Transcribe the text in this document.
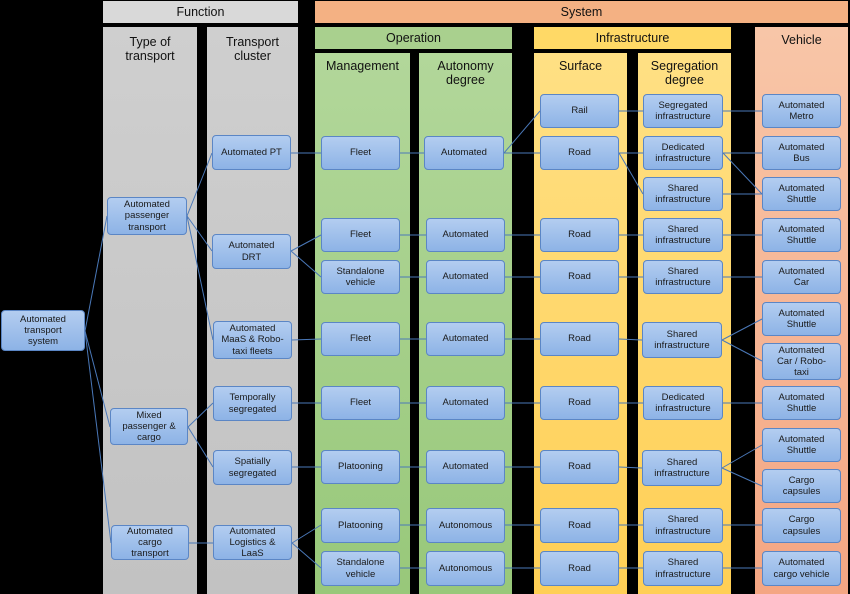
Function	System
Operation	Infrastructure
Type of
transport
Transport
cluster
Management	Autonomy
degree
Surface	Segregation
degree
Vehicle
Automated
transport
system
Automated
passenger
transport
Mixed
passenger &
cargo
Automated
cargo
transport
Automated PT
Automated
DRT
Automated
MaaS & Robo-
taxi fleets
Temporally
segregated
Spatially
segregated
Automated
Logistics &
LaaS
Fleet
Fleet
Standalone
vehicle
Fleet
Fleet
Platooning
Platooning
Standalone
vehicle
Automated
Automated
Automated
Automated
Automated
Automated
Autonomous
Autonomous
Rail
Road
Road
Road
Road
Road
Road
Road
Road
Segregated
infrastructure
Dedicated
infrastructure
Shared
infrastructure
Shared
infrastructure
Shared
infrastructure
Shared
infrastructure
Dedicated
infrastructure
Shared
infrastructure
Shared
infrastructure
Shared
infrastructure
Automated
Metro
Automated
Bus
Automated
Shuttle
Automated
Shuttle
Automated
Car
Automated
Shuttle
Automated
Car / Robo-
taxi
Automated
Shuttle
Automated
Shuttle
Cargo
capsules
Cargo
capsules
Automated
cargo vehicle
